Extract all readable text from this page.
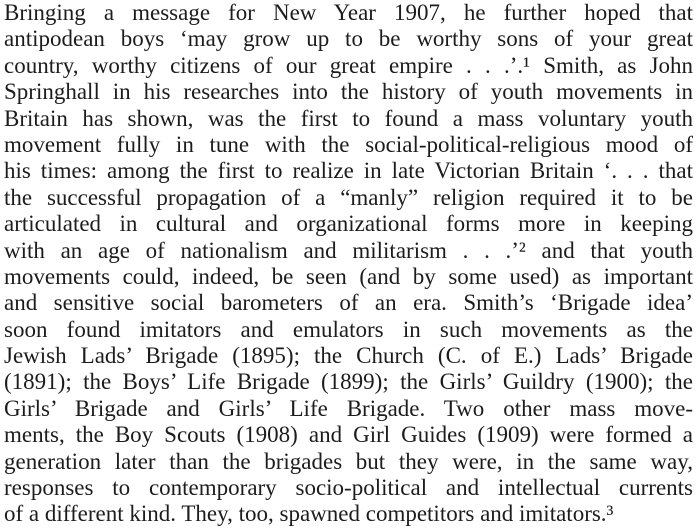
Bringing a message for New Year 1907, he further hoped that
antipodean boys ‘may grow up to be worthy sons of your great
country, worthy citizens of our great empire . . .’.¹ Smith, as John
Springhall in his researches into the history of youth movements in
Britain has shown, was the first to found a mass voluntary youth
movement fully in tune with the social-political-religious mood of
his times: among the first to realize in late Victorian Britain ‘. . . that
the successful propagation of a “manly” religion required it to be
articulated in cultural and organizational forms more in keeping
with an age of nationalism and militarism . . .’² and that youth
movements could, indeed, be seen (and by some used) as important
and sensitive social barometers of an era. Smith’s ‘Brigade idea’
soon found imitators and emulators in such movements as the
Jewish Lads’ Brigade (1895); the Church (C. of E.) Lads’ Brigade
(1891); the Boys’ Life Brigade (1899); the Girls’ Guildry (1900); the
Girls’ Brigade and Girls’ Life Brigade. Two other mass move-
ments, the Boy Scouts (1908) and Girl Guides (1909) were formed a
generation later than the brigades but they were, in the same way,
responses to contemporary socio-political and intellectual currents
of a different kind. They, too, spawned competitors and imitators.³
